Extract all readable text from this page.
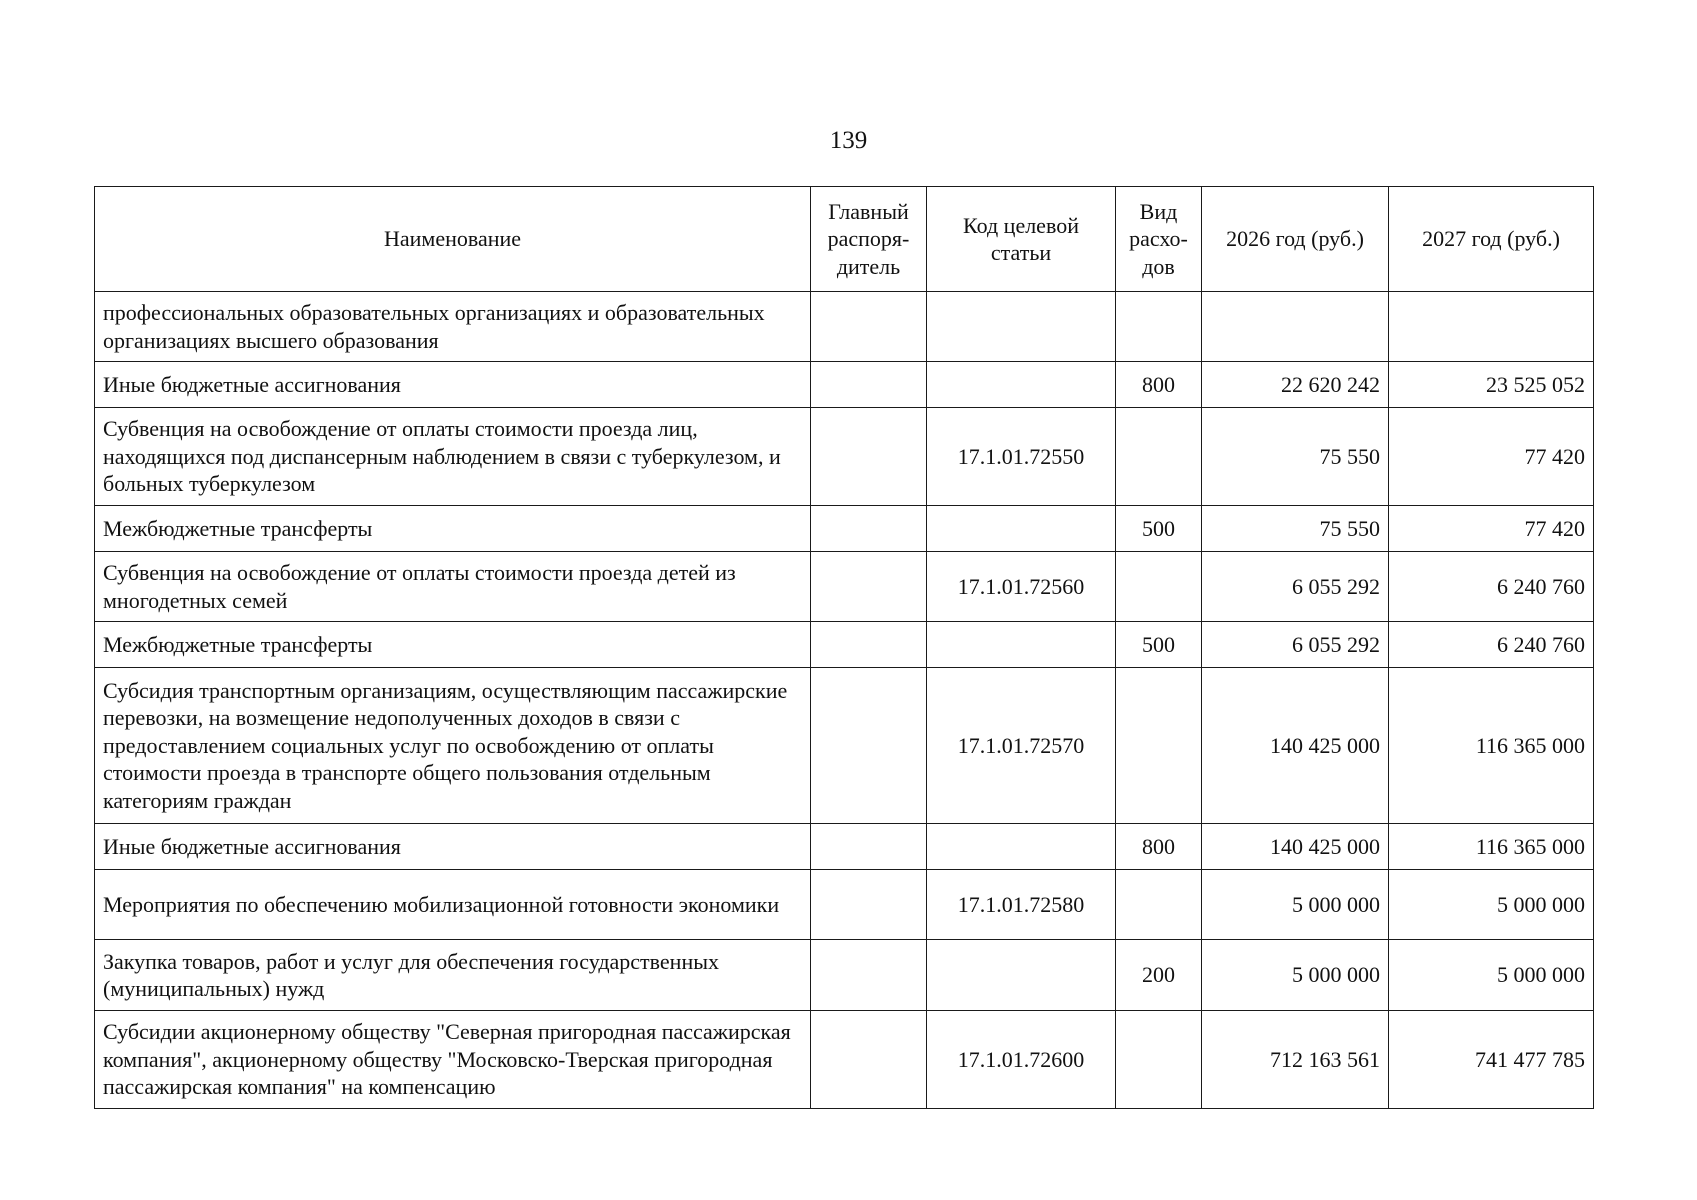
139
Наименование	Главный распоря-дитель	Код целевой статьи	Вид расхо-дов	2026 год (руб.)	2027 год (руб.)
профессиональных образовательных организациях и образовательных организациях высшего образования					
Иные бюджетные ассигнования			800	22 620 242	23 525 052
Субвенция на освобождение от оплаты стоимости проезда лиц, находящихся под диспансерным наблюдением в связи с туберкулезом, и больных туберкулезом		17.1.01.72550		75 550	77 420
Межбюджетные трансферты			500	75 550	77 420
Субвенция на освобождение от оплаты стоимости проезда детей из многодетных семей		17.1.01.72560		6 055 292	6 240 760
Межбюджетные трансферты			500	6 055 292	6 240 760
Субсидия транспортным организациям, осуществляющим пассажирские перевозки, на возмещение недополученных доходов в связи с предоставлением социальных услуг по освобождению от оплаты стоимости проезда в транспорте общего пользования отдельным категориям граждан		17.1.01.72570		140 425 000	116 365 000
Иные бюджетные ассигнования			800	140 425 000	116 365 000
Мероприятия по обеспечению мобилизационной готовности экономики		17.1.01.72580		5 000 000	5 000 000
Закупка товаров, работ и услуг для обеспечения государственных (муниципальных) нужд			200	5 000 000	5 000 000
Субсидии акционерному обществу "Северная пригородная пассажирская компания", акционерному обществу "Московско-Тверская пригородная пассажирская компания" на компенсацию		17.1.01.72600		712 163 561	741 477 785
